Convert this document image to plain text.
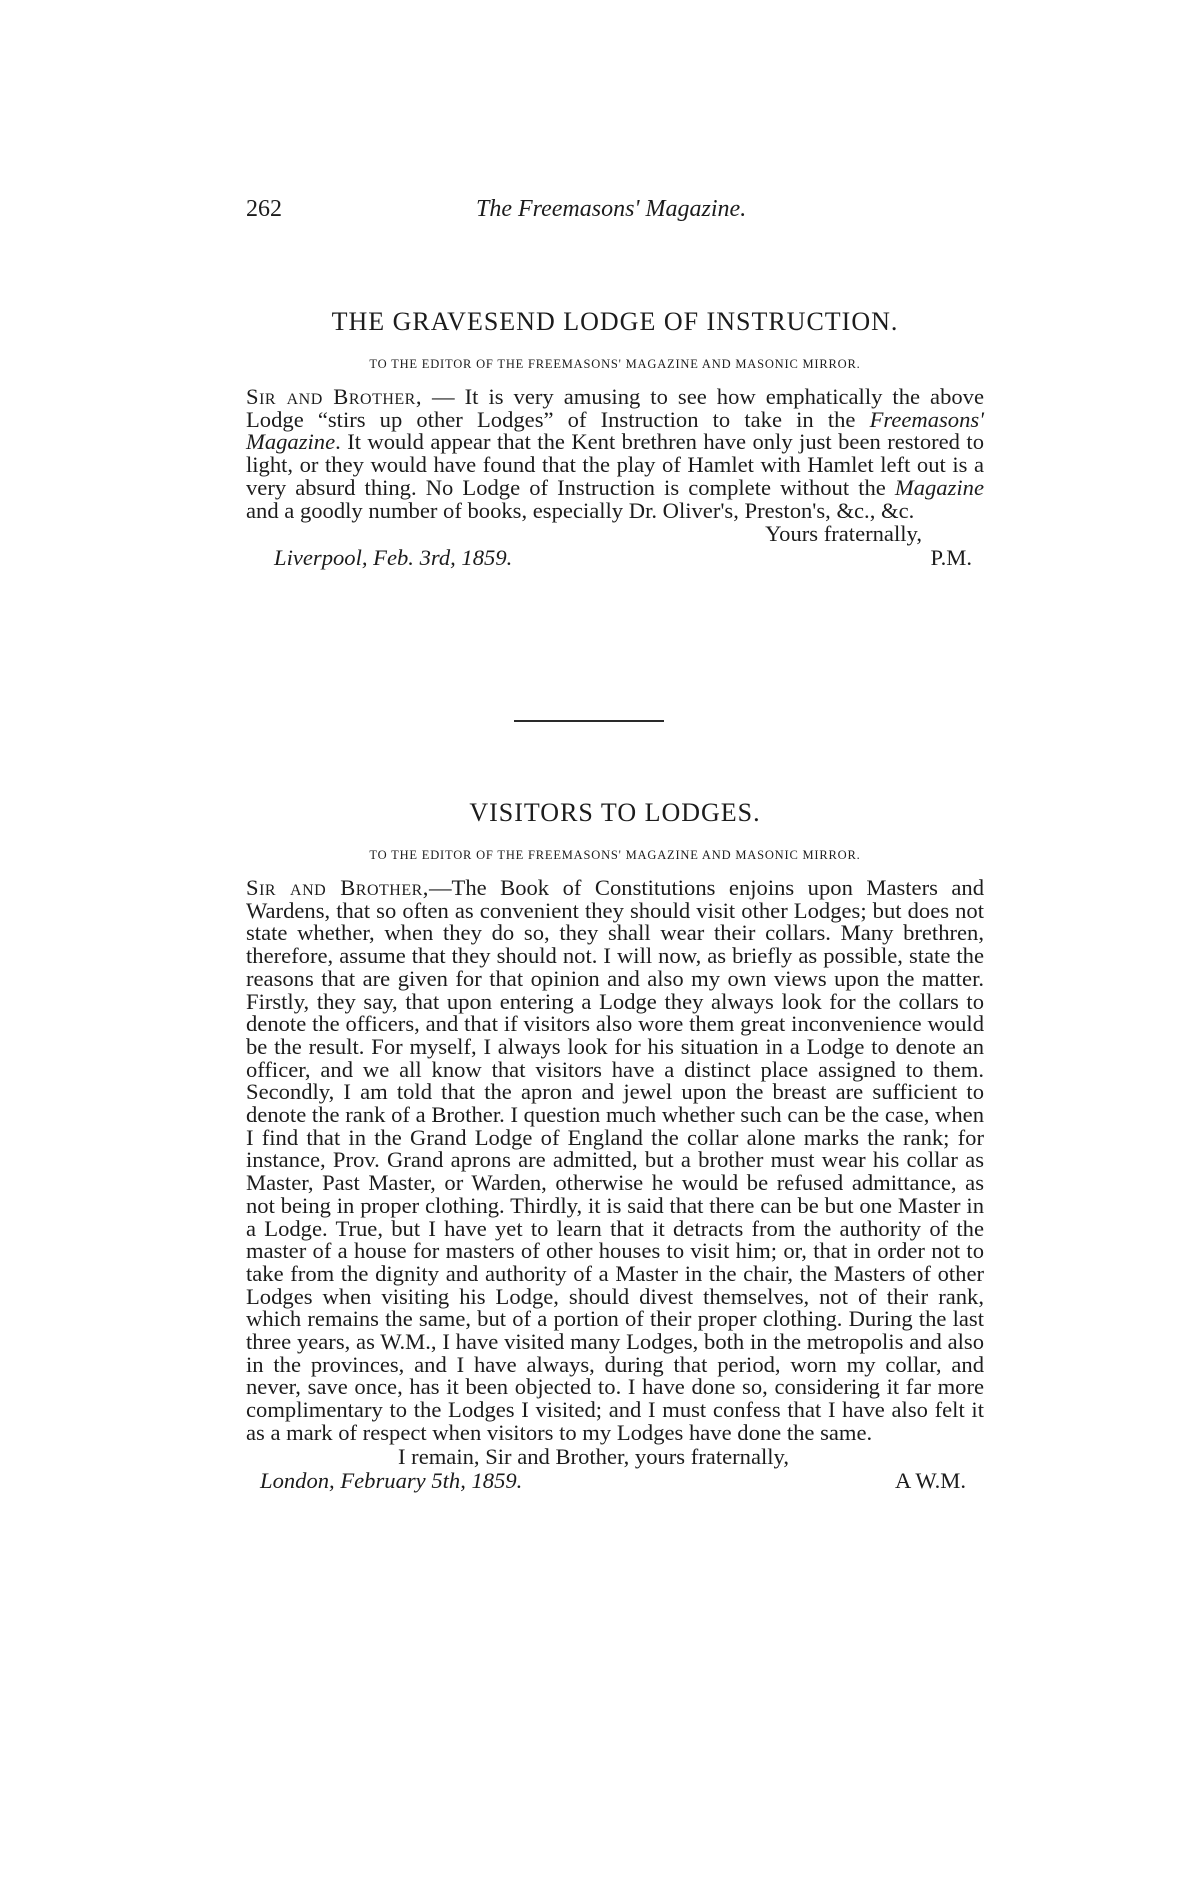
262	The Freemasons' Magazine.
THE GRAVESEND LODGE OF INSTRUCTION.

TO THE EDITOR OF THE FREEMASONS' MAGAZINE AND MASONIC MIRROR.

Sir and Brother, — It is very amusing to see how emphatically the above Lodge “stirs up other Lodges” of Instruction to take in the Freemasons' Magazine. It would appear that the Kent brethren have only just been restored to light, or they would have found that the play of Hamlet with Hamlet left out is a very absurd thing. No Lodge of Instruction is complete without the Magazine and a goodly number of books, especially Dr. Oliver's, Preston's, &c., &c.

Yours fraternally,
Liverpool, Feb. 3rd, 1859.	P.M.
VISITORS TO LODGES.

TO THE EDITOR OF THE FREEMASONS' MAGAZINE AND MASONIC MIRROR.

Sir and Brother,—The Book of Constitutions enjoins upon Masters and Wardens, that so often as convenient they should visit other Lodges; but does not state whether, when they do so, they shall wear their collars. Many brethren, therefore, assume that they should not. I will now, as briefly as possible, state the reasons that are given for that opinion and also my own views upon the matter. Firstly, they say, that upon entering a Lodge they always look for the collars to denote the officers, and that if visitors also wore them great inconvenience would be the result. For myself, I always look for his situation in a Lodge to denote an officer, and we all know that visitors have a distinct place assigned to them. Secondly, I am told that the apron and jewel upon the breast are sufficient to denote the rank of a Brother. I question much whether such can be the case, when I find that in the Grand Lodge of England the collar alone marks the rank; for instance, Prov. Grand aprons are admitted, but a brother must wear his collar as Master, Past Master, or Warden, otherwise he would be refused admittance, as not being in proper clothing. Thirdly, it is said that there can be but one Master in a Lodge. True, but I have yet to learn that it detracts from the authority of the master of a house for masters of other houses to visit him; or, that in order not to take from the dignity and authority of a Master in the chair, the Masters of other Lodges when visiting his Lodge, should divest themselves, not of their rank, which remains the same, but of a portion of their proper clothing. During the last three years, as W.M., I have visited many Lodges, both in the metropolis and also in the provinces, and I have always, during that period, worn my collar, and never, save once, has it been objected to. I have done so, considering it far more complimentary to the Lodges I visited; and I must confess that I have also felt it as a mark of respect when visitors to my Lodges have done the same.

I remain, Sir and Brother, yours fraternally,
London, February 5th, 1859.	A W.M.
